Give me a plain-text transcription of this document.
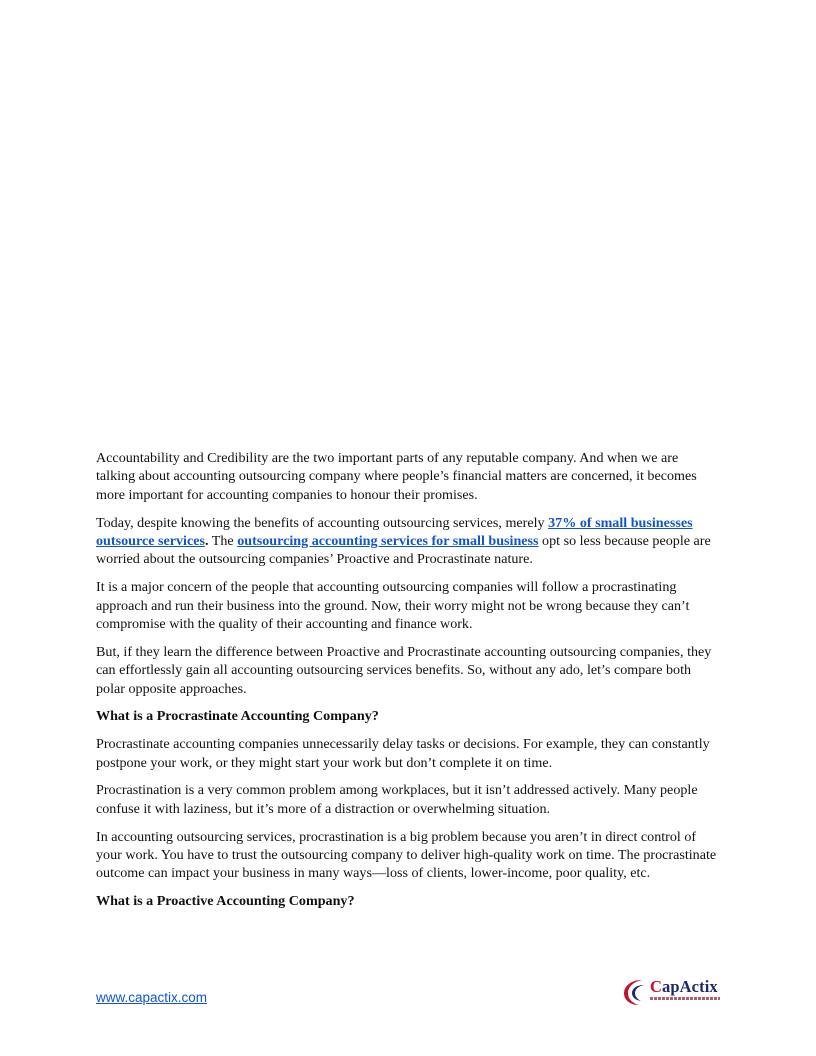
Accountability and Credibility are the two important parts of any reputable company. And when we are talking about accounting outsourcing company where people’s financial matters are concerned, it becomes more important for accounting companies to honour their promises.

Today, despite knowing the benefits of accounting outsourcing services, merely 37% of small businesses outsource services. The outsourcing accounting services for small business opt so less because people are worried about the outsourcing companies’ Proactive and Procrastinate nature.

It is a major concern of the people that accounting outsourcing companies will follow a procrastinating approach and run their business into the ground. Now, their worry might not be wrong because they can’t compromise with the quality of their accounting and finance work.

But, if they learn the difference between Proactive and Procrastinate accounting outsourcing companies, they can effortlessly gain all accounting outsourcing services benefits. So, without any ado, let’s compare both polar opposite approaches.

What is a Procrastinate Accounting Company?

Procrastinate accounting companies unnecessarily delay tasks or decisions. For example, they can constantly postpone your work, or they might start your work but don’t complete it on time.

Procrastination is a very common problem among workplaces, but it isn’t addressed actively. Many people confuse it with laziness, but it’s more of a distraction or overwhelming situation.

In accounting outsourcing services, procrastination is a big problem because you aren’t in direct control of your work. You have to trust the outsourcing company to deliver high-quality work on time. The procrastinate outcome can impact your business in many ways—loss of clients, lower-income, poor quality, etc.

What is a Proactive Accounting Company?

www.capactix.com
CapActix
